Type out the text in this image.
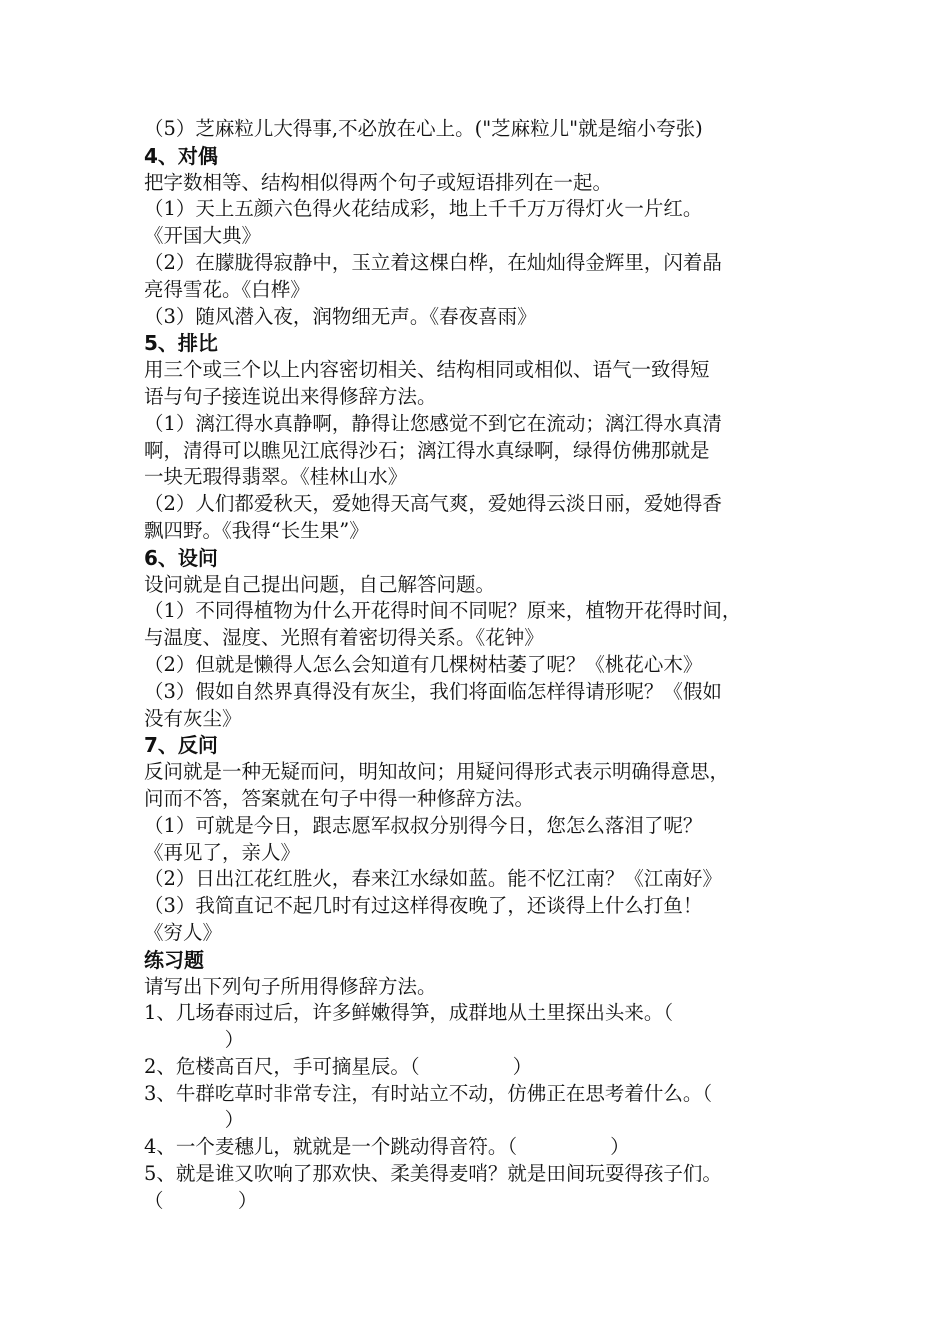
（5）芝麻粒儿大得事,不必放在心上。("芝麻粒儿"就是缩小夸张)
4、对偶
把字数相等、结构相似得两个句子或短语排列在一起。
（1）天上五颜六色得火花结成彩，地上千千万万得灯火一片红。
《开国大典》
（2）在朦胧得寂静中，玉立着这棵白桦，在灿灿得金辉里，闪着晶
亮得雪花。《白桦》
（3）随风潜入夜，润物细无声。《春夜喜雨》
5、排比
用三个或三个以上内容密切相关、结构相同或相似、语气一致得短
语与句子接连说出来得修辞方法。
（1）漓江得水真静啊，静得让您感觉不到它在流动；漓江得水真清
啊，清得可以瞧见江底得沙石；漓江得水真绿啊，绿得仿佛那就是
一块无瑕得翡翠。《桂林山水》
（2）人们都爱秋天，爱她得天高气爽，爱她得云淡日丽，爱她得香
飘四野。《我得“长生果”》
6、设问
设问就是自己提出问题，自己解答问题。
（1）不同得植物为什么开花得时间不同呢？原来，植物开花得时间，
与温度、湿度、光照有着密切得关系。《花钟》
（2）但就是懒得人怎么会知道有几棵树枯萎了呢？《桃花心木》
（3）假如自然界真得没有灰尘，我们将面临怎样得请形呢？《假如
没有灰尘》
7、反问
反问就是一种无疑而问，明知故问；用疑问得形式表示明确得意思，
问而不答，答案就在句子中得一种修辞方法。
（1）可就是今日，跟志愿军叔叔分别得今日，您怎么落泪了呢？
《再见了，亲人》
（2）日出江花红胜火，春来江水绿如蓝。能不忆江南？《江南好》
（3）我简直记不起几时有过这样得夜晚了，还谈得上什么打鱼！
《穷人》
练习题
请写出下列句子所用得修辞方法。
1、几场春雨过后，许多鲜嫩得笋，成群地从土里探出头来。（
）
2、危楼高百尺，手可摘星辰。（               ）
3、牛群吃草时非常专注，有时站立不动，仿佛正在思考着什么。（
）
4、一个麦穗儿，就就是一个跳动得音符。（               ）
5、就是谁又吹响了那欢快、柔美得麦哨？就是田间玩耍得孩子们。
（            ）
